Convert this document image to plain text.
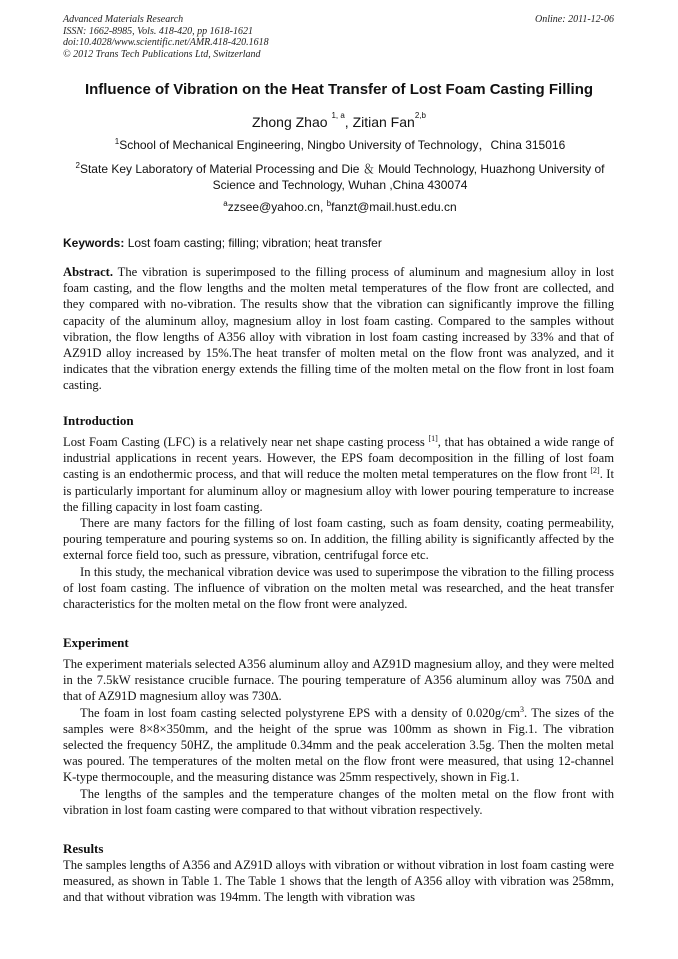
Advanced Materials Research
ISSN: 1662-8985, Vols. 418-420, pp 1618-1621
doi:10.4028/www.scientific.net/AMR.418-420.1618
© 2012 Trans Tech Publications Ltd, Switzerland
Online: 2011-12-06
Influence of Vibration on the Heat Transfer of Lost Foam Casting Filling
Zhong Zhao $^{1, a}$, Zitian Fan$^{2,b}$
$^1$School of Mechanical Engineering, Ningbo University of Technology，China 315016
$^2$State Key Laboratory of Material Processing and Die ＆ Mould Technology, Huazhong University of Science and Technology, Wuhan ,China 430074
$^a$zzsee@yahoo.cn, $^b$fanzt@mail.hust.edu.cn
Keywords: Lost foam casting; filling; vibration; heat transfer

Abstract. The vibration is superimposed to the filling process of aluminum and magnesium alloy in lost foam casting, and the flow lengths and the molten metal temperatures of the flow front are collected, and they compared with no-vibration. The results show that the vibration can significantly improve the filling capacity of the aluminum alloy, magnesium alloy in lost foam casting. Compared to the samples without vibration, the flow lengths of A356 alloy with vibration in lost foam casting increased by 33% and that of AZ91D alloy increased by 15%.The heat transfer of molten metal on the flow front was analyzed, and it indicates that the vibration energy extends the filling time of the molten metal on the flow front in lost foam casting.

Introduction

Lost Foam Casting (LFC) is a relatively near net shape casting process [1], that has obtained a wide range of industrial applications in recent years. However, the EPS foam decomposition in the filling of lost foam casting is an endothermic process, and that will reduce the molten metal temperatures on the flow front [2]. It is particularly important for aluminum alloy or magnesium alloy with lower pouring temperature to increase the filling capacity in lost foam casting.

There are many factors for the filling of lost foam casting, such as foam density, coating permeability, pouring temperature and pouring systems so on. In addition, the filling ability is significantly affected by the external force field too, such as pressure, vibration, centrifugal force etc.

In this study, the mechanical vibration device was used to superimpose the vibration to the filling process of lost foam casting. The influence of vibration on the molten metal was researched, and the heat transfer characteristics for the molten metal on the flow front were analyzed.

Experiment

The experiment materials selected A356 aluminum alloy and AZ91D magnesium alloy, and they were melted in the 7.5kW resistance crucible furnace. The pouring temperature of A356 aluminum alloy was 750∆ and that of AZ91D magnesium alloy was 730∆.

The foam in lost foam casting selected polystyrene EPS with a density of $0.020g/cm^3$. The sizes of the samples were 8×8×350mm, and the height of the sprue was 100mm as shown in Fig.1. The vibration selected the frequency 50HZ, the amplitude 0.34mm and the peak acceleration 3.5g. Then the molten metal was poured. The temperatures of the molten metal on the flow front were measured, that using 12-channel K-type thermocouple, and the measuring distance was 25mm respectively, shown in Fig.1.

The lengths of the samples and the temperature changes of the molten metal on the flow front with vibration in lost foam casting were compared to that without vibration respectively.

Results

The samples lengths of A356 and AZ91D alloys with vibration or without vibration in lost foam casting were measured, as shown in Table 1. The Table 1 shows that the length of A356 alloy with vibration was 258mm, and that without vibration was 194mm. The length with vibration was
